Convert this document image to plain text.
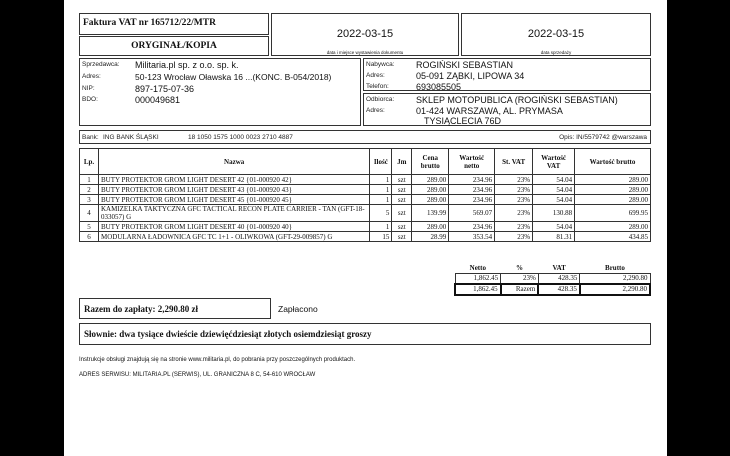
Faktura VAT nr 165712/22/MTR
ORYGINAŁ/KOPIA
2022-03-15
data i miejsce wystawienia dokumentu
2022-03-15
data sprzedaży
Sprzedawca: Militaria.pl sp. z o.o. sp. k.
Adres:	50-123 Wrocław Oławska 16 ...(KONC. B-054/2018)
NIP:	897-175-07-36
BDO:	000049681
Nabywca: ROGIŃSKI SEBASTIAN
Adres:	05-091 ZĄBKI, LIPOWA 34
Telefon:	693085505
Odbiorca: SKLEP MOTOPUBLICA (ROGIŃSKI SEBASTIAN)
Adres:	01-424 WARSZAWA, AL. PRYMASA
TYSIĄCLECIA 76D
Bank: ING BANK ŚLĄSKI	18 1050 1575 1000 0023 2710 4887	Opis: IN/5579742 @warszawa
Lp.	Nazwa	Ilość	Jm	Cena brutto	Wartość netto	St. VAT	Wartość VAT	Wartość brutto
1	BUTY PROTEKTOR GROM LIGHT DESERT 42 {01-000920 42}	1	szt	289.00	234.96	23%	54.04	289.00
2	BUTY PROTEKTOR GROM LIGHT DESERT 43 {01-000920 43}	1	szt	289.00	234.96	23%	54.04	289.00
3	BUTY PROTEKTOR GROM LIGHT DESERT 45 {01-000920 45}	1	szt	289.00	234.96	23%	54.04	289.00
4	KAMIZELKA TAKTYCZNA GFC TACTICAL RECON PLATE CARRIER - TAN (GFT-18-033057) G	5	szt	139.99	569.07	23%	130.88	699.95
5	BUTY PROTEKTOR GROM LIGHT DESERT 40 {01-000920 40}	1	szt	289.00	234.96	23%	54.04	289.00
6	MODULARNA ŁADOWNICA GFC TC 1+1 - OLIWKOWA (GFT-29-009857) G	15	szt	28.99	353.54	23%	81.31	434.85
Netto	%	VAT	Brutto
1,862.45	23%	428.35	2,290.80
1,862.45	Razem	428.35	2,290.80
Razem do zapłaty: 2,290.80 zł	Zapłacono
Słownie: dwa tysiące dwieście dziewięćdziesiąt złotych osiemdziesiąt groszy
Instrukcje obsługi znajdują się na stronie www.militaria.pl, do pobrania przy poszczególnych produktach.
ADRES SERWISU: MILITARIA.PL (SERWIS), UL. GRANICZNA 8 C, 54-610 WROCŁAW
